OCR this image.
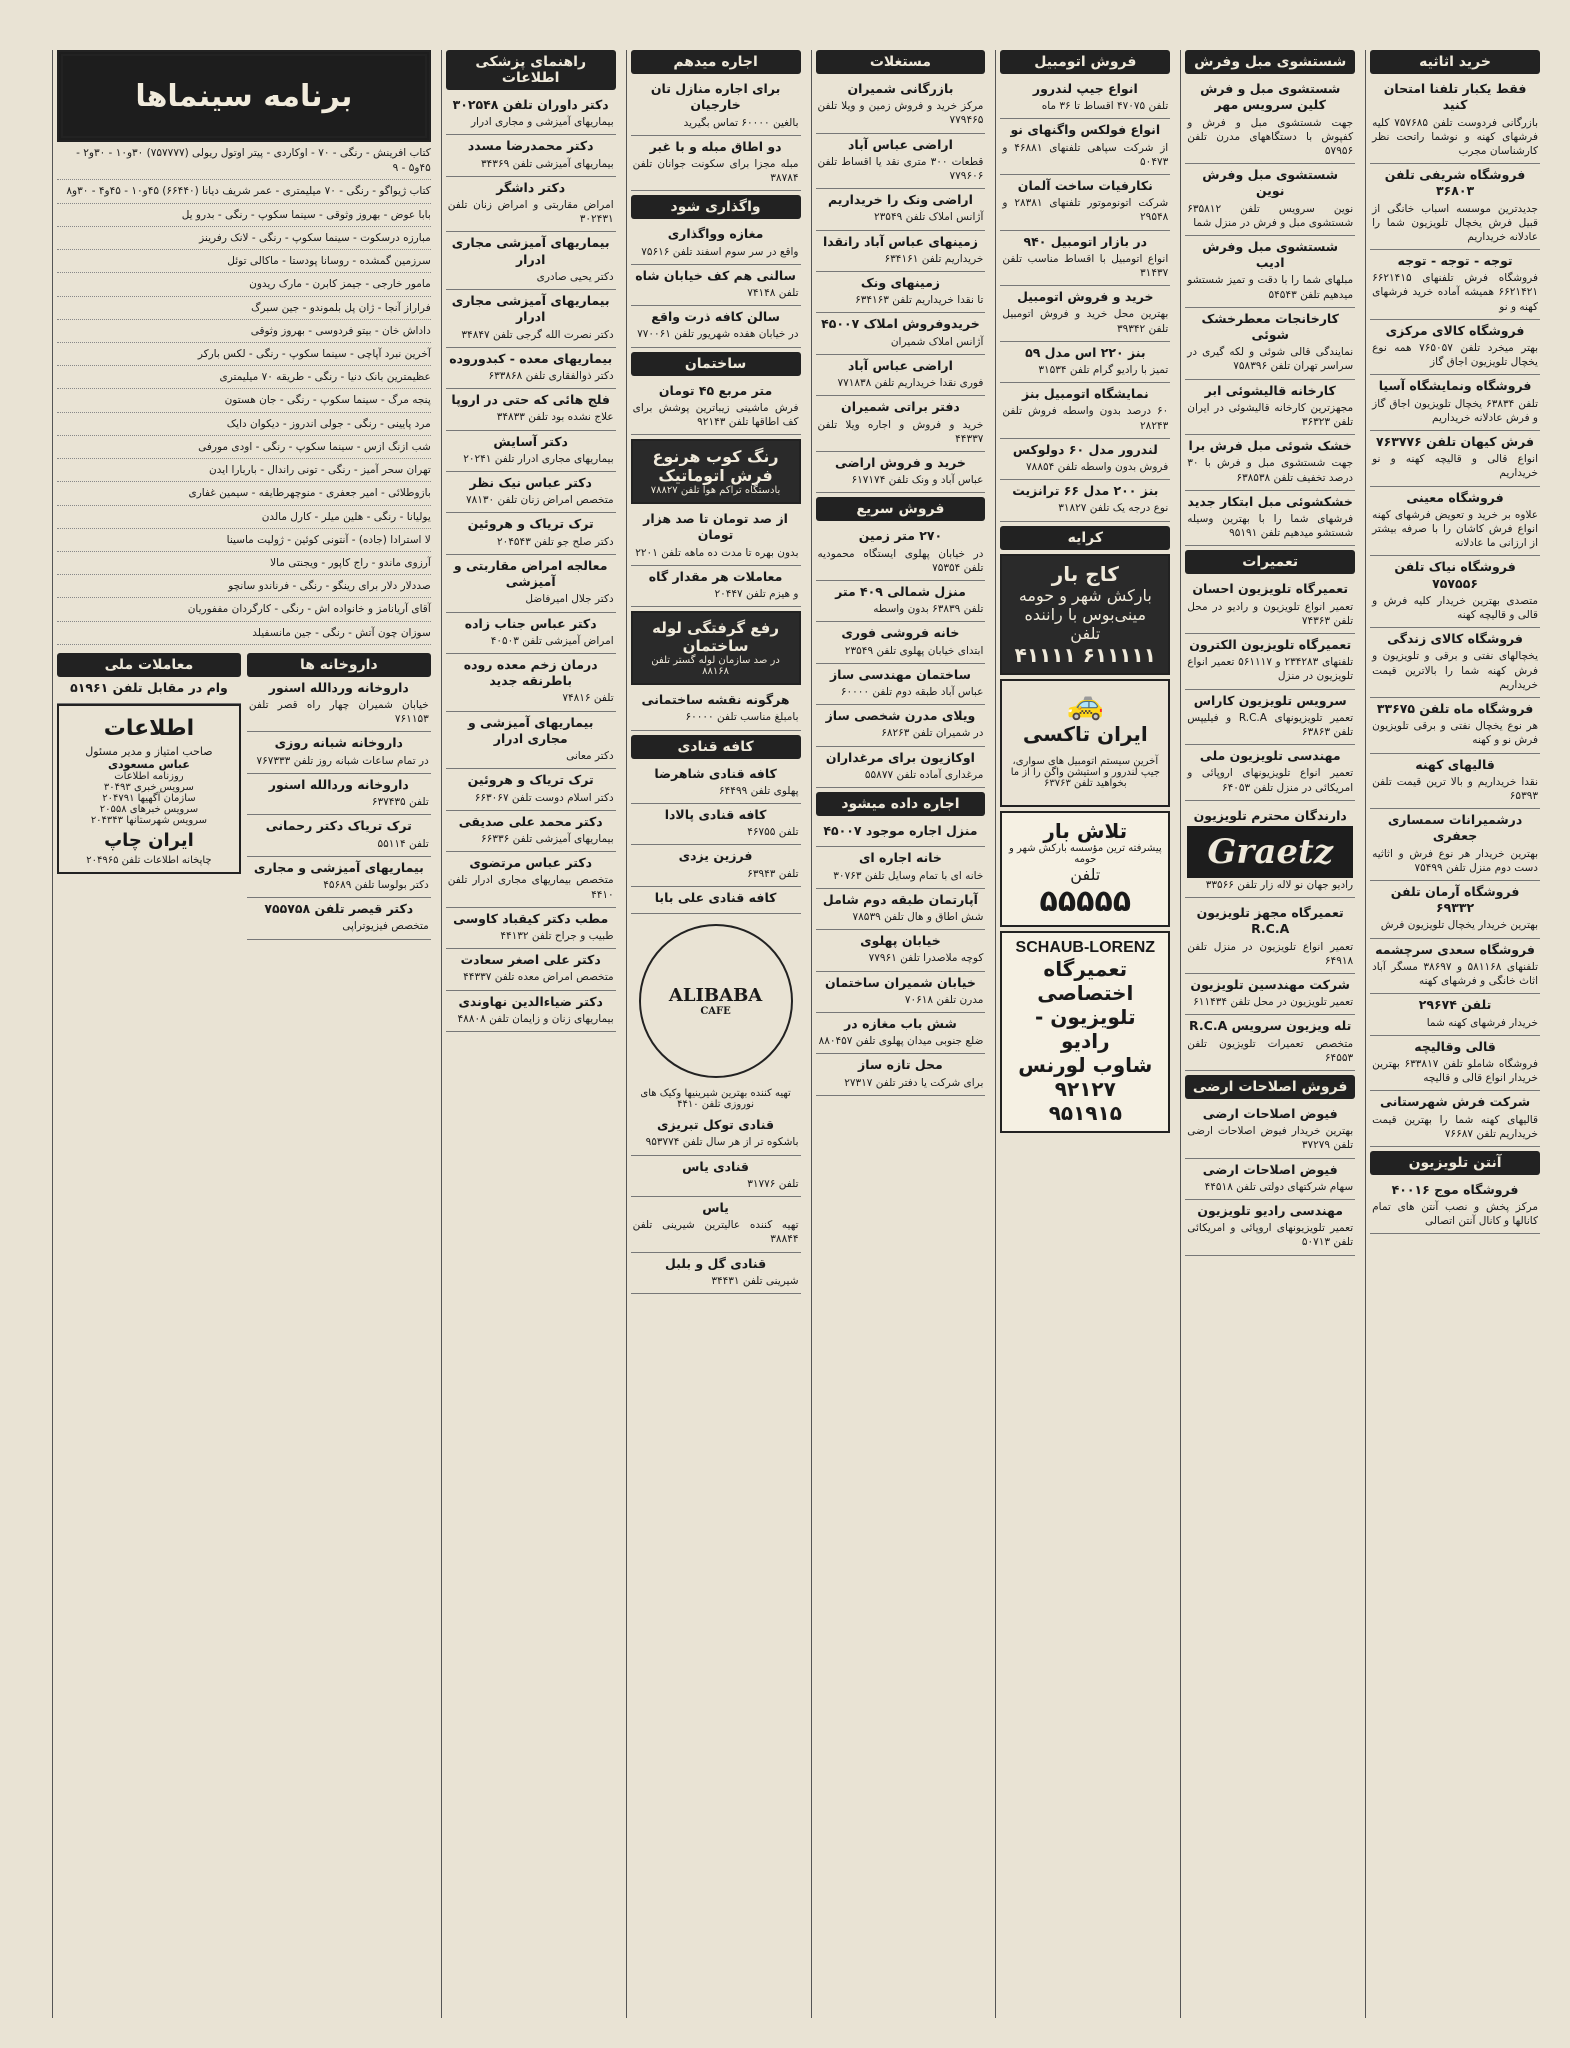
خرید اثاثیه
فقط یکبار تلفنا امتحان کنید

بازرگانی فردوست تلفن ۷۵۷۶۸۵ کلیه فرشهای کهنه و نوشما راتحت نظر کارشناسان مجرب

فروشگاه شریفی تلفن ۳۶۸۰۳

جدیدترین موسسه اسباب خانگی از قبیل فرش یخچال تلویزیون شما را عادلانه خریداریم

توجه - توجه - توجه

فروشگاه فرش تلفنهای ۶۶۲۱۴۱۵ ۶۶۲۱۴۲۱ همیشه آماده خرید فرشهای کهنه و نو

فروشگاه کالای مرکزی

بهتر میخرد تلفن ۷۶۵۰۵۷ همه نوع یخچال تلویزیون اجاق گاز

فروشگاه ونمایشگاه آسیا

تلفن ۶۳۸۳۴ یخچال تلویزیون اجاق گاز و فرش عادلانه خریداریم

فرش کیهان تلفن ۷۶۳۷۷۶

انواع قالی و قالیچه کهنه و نو خریداریم

فروشگاه معینی

علاوه بر خرید و تعویض فرشهای کهنه انواع فرش کاشان را با صرفه بیشتر از ارزانی ما عادلانه

فروشگاه نیاک تلفن ۷۵۷۵۵۶

متصدی بهترین خریدار کلیه فرش و قالی و قالیچه کهنه

فروشگاه کالای زندگی

یخچالهای نفتی و برقی و تلویزیون و فرش کهنه شما را بالاترین قیمت خریداریم

فروشگاه ماه تلفن ۳۳۶۷۵

هر نوع یخچال نفتی و برقی تلویزیون فرش نو و کهنه

قالیهای کهنه

نقدا خریداریم و بالا ترین قیمت تلفن ۶۵۳۹۳

درشمیرانات سمساری جعفری

بهترین خریدار هر نوع فرش و اثاثیه دست دوم منزل تلفن ۷۵۴۹۹

فروشگاه آرمان تلفن ۶۹۳۳۲

بهترین خریدار یخچال تلویزیون فرش

فروشگاه سعدی سرچشمه

تلفنهای ۵۸۱۱۶۸ و ۳۸۶۹۷ مسگر آباد اثاث خانگی و فرشهای کهنه

تلفن ۲۹۶۷۴

خریدار فرشهای کهنه شما

قالی وقالیچه

فروشگاه شاملو تلفن ۶۳۳۸۱۷ بهترین خریدار انواع قالی و قالیچه

شرکت فرش شهرستانی

قالیهای کهنه شما را بهترین قیمت خریداریم تلفن ۷۶۶۸۷

آنتن تلویزیون
فروشگاه موج ۴۰۰۱۶

مرکز پخش و نصب آنتن های تمام کانالها و کانال آنتن اتصالی

شستشوی مبل وفرش
شستشوی مبل و فرش کلین سرویس مهر

جهت شستشوی مبل و فرش و کفپوش با دستگاههای مدرن تلفن ۵۷۹۵۶

شستشوی مبل وفرش نوین

نوین سرویس تلفن ۶۳۵۸۱۲ شستشوی مبل و فرش در منزل شما

شستشوی مبل وفرش ادیب

مبلهای شما را با دقت و تمیز شستشو میدهیم تلفن ۵۴۵۴۳

کارخانجات معطرخشک شوئی

نمایندگی قالی شوئی و لکه گیری در سراسر تهران تلفن ۷۵۸۳۹۶

کارخانه قالیشوئی ابر

مجهزترین کارخانه قالیشوئی در ایران تلفن ۳۶۳۲۳

خشک شوئی مبل فرش برا

جهت شستشوی مبل و فرش با ۳۰ درصد تخفیف تلفن ۶۳۸۵۳۸

خشکشوئی مبل ابتکار جدید

فرشهای شما را با بهترین وسیله شستشو میدهیم تلفن ۹۵۱۹۱

تعمیرات
تعمیرگاه تلویزیون احسان

تعمیر انواع تلویزیون و رادیو در محل تلفن ۷۴۳۶۳

تعمیرگاه تلویزیون الکترون

تلفنهای ۲۳۴۲۸۳ و ۵۶۱۱۱۷ تعمیر انواع تلویزیون در منزل

سرویس تلویزیون کاراس

تعمیر تلویزیونهای R.C.A و فیلیپس تلفن ۶۳۸۶۳

مهندسی تلویزیون ملی

تعمیر انواع تلویزیونهای اروپائی و امریکائی در منزل تلفن ۶۴۰۵۳

دارندگان محترم تلویزیون
Graetz

رادیو جهان نو لاله زار تلفن ۳۳۵۶۶

تعمیرگاه مجهز تلویزیون R.C.A

تعمیر انواع تلویزیون در منزل تلفن ۶۴۹۱۸

شرکت مهندسین تلویزیون

تعمیر تلویزیون در محل تلفن ۶۱۱۴۳۴

تله ویزیون سرویس R.C.A

متخصص تعمیرات تلویزیون تلفن ۶۴۵۵۳

فروش اصلاحات ارضی
فیوض اصلاحات ارضی

بهترین خریدار فیوض اصلاحات ارضی تلفن ۳۷۲۷۹

فیوض اصلاحات ارضی

سهام شرکتهای دولتی تلفن ۴۴۵۱۸

مهندسی رادیو تلویزیون

تعمیر تلویزیونهای اروپائی و امریکائی تلفن ۵۰۷۱۳

فروش اتومبیل
انواع جیپ لندرور

تلفن ۴۷۰۷۵ اقساط تا ۳۶ ماه

انواع فولکس واگنهای نو

از شرکت سپاهی تلفنهای ۴۶۸۸۱ و ۵۰۴۷۳

نکارفیات ساخت آلمان

شرکت اتونوموتور تلفنهای ۲۸۳۸۱ و ۲۹۵۴۸

در بازار اتومبیل ۹۴۰

انواع اتومبیل با اقساط مناسب تلفن ۳۱۴۳۷

خرید و فروش اتومبیل

بهترین محل خرید و فروش اتومبیل تلفن ۳۹۳۴۲

بنز ۲۲۰ اس مدل ۵۹

تمیز با رادیو گرام تلفن ۳۱۵۳۴

نمایشگاه اتومبیل بنز

۶۰ درصد بدون واسطه فروش تلفن ۲۸۲۴۳

لندرور مدل ۶۰ دولوکس

فروش بدون واسطه تلفن ۷۸۸۵۴

بنز ۲۰۰ مدل ۶۶ ترانزیت

نوع درجه یک تلفن ۳۱۸۲۷

کرایه
کاج بار
بارکش شهر و حومه
مینی‌بوس با راننده
تلفن
۶۱۱۱۱۱ ۴۱۱۱۱
🚕
ایران تاکسی

آخرین سیستم اتومبیل های سواری، جیپ لندرور و استیشن واگن را از ما بخواهید تلفن ۶۳۷۶۳

تلاش بار
پیشرفته ترین مؤسسه بارکش شهر و حومه
تلفن
۵۵۵۵۵
SCHAUB-LORENZ
تعمیرگاه اختصاصی
تلویزیون - رادیو
شاوب لورنس
۹۲۱۲۷
۹۵۱۹۱۵
مستغلات
بازرگانی شمیران

مرکز خرید و فروش زمین و ویلا تلفن ۷۷۹۴۶۵

اراضی عباس آباد

قطعات ۳۰۰ متری نقد یا اقساط تلفن ۷۷۹۶۰۶

اراضی ونک را خریداریم

آژانس املاک تلفن ۲۳۵۴۹

زمینهای عباس آباد رانقدا

خریداریم تلفن ۶۳۴۱۶۱

زمینهای ونک

تا نقدا خریداریم تلفن ۶۳۴۱۶۳

خریدوفروش املاک ۴۵۰۰۷

آژانس املاک شمیران

اراضی عباس آباد

فوری نقدا خریداریم تلفن ۷۷۱۸۳۸

دفتر براتی شمیران

خرید و فروش و اجاره ویلا تلفن ۴۴۳۳۷

خرید و فروش اراضی

عباس آباد و ونک تلفن ۶۱۷۱۷۴

فروش سریع
۲۷۰ متر زمین

در خیابان پهلوی ایستگاه محمودیه تلفن ۷۵۳۵۴

منزل شمالی ۴۰۹ متر

تلفن ۶۳۸۳۹ بدون واسطه

خانه فروشی فوری

ابتدای خیابان پهلوی تلفن ۲۳۵۴۹

ساختمان مهندسی ساز

عباس آباد طبقه دوم تلفن ۶۰۰۰۰

ویلای مدرن شخصی ساز

در شمیران تلفن ۶۸۲۶۳

اوکازیون برای مرغداران

مرغداری آماده تلفن ۵۵۸۷۷

اجاره داده میشود
منزل اجاره موجود ۴۵۰۰۷
خانه اجاره ای

خانه ای با تمام وسایل تلفن ۳۰۷۶۳

آپارتمان طبقه دوم شامل

شش اطاق و هال تلفن ۷۸۵۳۹

خیابان پهلوی

کوچه ملاصدرا تلفن ۷۷۹۶۱

خیابان شمیران ساختمان

مدرن تلفن ۷۰۶۱۸

شش باب مغازه در

ضلع جنوبی میدان پهلوی تلفن ۸۸۰۴۵۷

محل تازه ساز

برای شرکت یا دفتر تلفن ۲۷۳۱۷

اجاره میدهم
برای اجاره منازل تان خارجیان

بالغین ۶۰۰۰۰ تماس بگیرید

دو اطاق مبله و با غبر

مبله مجزا برای سکونت جوانان تلفن ۳۸۷۸۴

واگذاری شود
مغازه وواگذاری

واقع در سر سوم اسفند تلفن ۷۵۶۱۶

سالنی هم کف خیابان شاه

تلفن ۷۴۱۴۸

سالن کافه ذرت واقع

در خیابان هفده شهریور تلفن ۷۷۰۰۶۱

ساختمان
متر مربع ۴۵ تومان

فرش ماشینی زیباترین پوشش برای کف اطاقها تلفن ۹۲۱۴۳

رنگ کوب هرنوع فرش اتوماتیک
بادستگاه تراکم هوا تلفن ۷۸۸۲۷
از صد تومان تا صد هزار تومان

بدون بهره تا مدت ده ماهه تلفن ۲۲۰۱

معاملات هر مقدار گاه

و هیزم تلفن ۲۰۴۴۷

رفع گرفتگی لوله ساختمان
در صد سازمان لوله گستر تلفن ۸۸۱۶۸
هرگونه نقشه ساختمانی

بامبلغ مناسب تلفن ۶۰۰۰۰

کافه قنادی
کافه قنادی شاهرضا

پهلوی تلفن ۶۴۴۹۹

کافه قنادی پالادا

تلفن ۴۶۷۵۵

فرزین یزدی

تلفن ۶۳۹۴۳

کافه قنادی علی بابا
ALIBABA
CAFE

تهیه کننده بهترین شیرینیها وکیک های نوروزی تلفن ۴۴۱۰

قنادی توکل تبریزی

باشکوه تر از هر سال تلفن ۹۵۳۷۷۴

قنادی یاس

تلفن ۳۱۷۷۶

یاس

تهیه کننده عالیترین شیرینی تلفن ۳۸۸۴۴

قنادی گل و بلبل

شیرینی تلفن ۳۴۴۳۱

راهنمای پزشکی اطلاعات
دکتر داوران تلفن ۳۰۲۵۴۸

بیماریهای آمیزشی و مجاری ادرار

دکتر محمدرضا مسدد

بیماریهای آمیزشی تلفن ۳۴۳۶۹

دکتر داشگر

امراض مقاربتی و امراض زنان تلفن ۳۰۲۴۳۱

بیماریهای آمیزشی مجاری ادرار

دکتر یحیی صادری

بیماریهای آمیزشی مجاری ادرار

دکتر نصرت الله گرجی تلفن ۳۴۸۴۷

بیماریهای معده - کبدوروده

دکتر ذوالفقاری تلفن ۶۳۳۸۶۸

فلج هائی که حتی در اروپا

علاج نشده بود تلفن ۳۴۸۳۳

دکتر آسایش

بیماریهای مجاری ادرار تلفن ۲۰۲۴۱

دکتر عباس نیک نظر

متخصص امراض زنان تلفن ۷۸۱۳۰

ترک تریاک و هروئین

دکتر صلح جو تلفن ۲۰۴۵۴۳

معالجه امراض مقاربتی و آمیزشی

دکتر جلال امیرفاضل

دکتر عباس جناب زاده

امراض آمیزشی تلفن ۴۰۵۰۳

درمان زخم معده روده باطرنقه جدید

تلفن ۷۴۸۱۶

بیماریهای آمیزشی و مجاری ادرار

دکتر معانی

ترک تریاک و هروئین

دکتر اسلام دوست تلفن ۶۶۳۰۶۷

دکتر محمد علی صدیقی

بیماریهای آمیزشی تلفن ۶۶۳۳۶

دکتر عباس مرتضوی

متخصص بیماریهای مجاری ادرار تلفن ۴۴۱۰

مطب دکتر کیقباد کاوسی

طبیب و جراح تلفن ۴۴۱۳۲

دکتر علی اصغر سعادت

متخصص امراض معده تلفن ۴۴۳۳۷

دکتر ضیاءالدین نهاوندی

بیماریهای زنان و زایمان تلفن ۴۸۸۰۸

برنامه سینماها

کتاب افرینش - رنگی - ۷۰ - اوکاردی - پیتر اوتول ریولی (۷۵۷۷۷۷) ۳۰و۱۰ - ۳۰و۲ - ۴۵و۵ - ۹

کتاب ژیواگو - رنگی - ۷۰ میلیمتری - عمر شریف دیانا (۶۶۴۴۰) ۴۵و۱۰ - ۴۵و۴ - ۳۰و۸

بابا عوض - بهروز وثوقی - سینما سکوپ - رنگی - بدرو یل

مبارزه درسکوت - سینما سکوپ - رنگی - لانک رفرینز

سرزمین گمشده - روسانا پودستا - ماکالی توئل

مامور خارجی - جیمز کابرن - مارک ریدون

فراراز آنجا - ژان پل بلموندو - جین سبرگ

داداش خان - بیتو فردوسی - بهروز وثوقی

آخرین نبرد آپاچی - سینما سکوپ - رنگی - لکس بارکر

عظیمترین بانک دنیا - رنگی - طریقه ۷۰ میلیمتری

پنجه مرگ - سینما سکوپ - رنگی - جان هستون

مرد پایینی - رنگی - جولی اندروز - دیکوان دایک

شب ازنگ ازس - سینما سکوپ - رنگی - اودی مورفی

تهران سحر آمیز - رنگی - تونی راندال - باربارا ایدن

بازوطلائی - امیر جعفری - منوچهرطایفه - سیمین غفاری

یولیانا - رنگی - هلین میلر - کارل مالدن

لا استرادا (جاده) - آنتونی کوئین - ژولیت ماسینا

آرزوی ماندو - راج کاپور - ویجنتی مالا

صددلار دلار برای رینگو - رنگی - فرناندو سانچو

آقای آریانامز و خانواده اش - رنگی - کارگردان مففوریان

سوزان چون آتش - رنگی - جین مانسفیلد

داروخانه ها
داروخانه وردالله اسنور

خیابان شمیران چهار راه قصر تلفن ۷۶۱۱۵۳

داروخانه شبانه روزی

در تمام ساعات شبانه روز تلفن ۷۶۷۳۳۳

داروخانه وردالله اسنور

تلفن ۶۳۷۴۳۵

ترک تریاک دکتر رحمانی

تلفن ۵۵۱۱۴

بیماریهای آمیزشی و مجاری

دکتر بولوسا تلفن ۴۵۶۸۹

دکتر قیصر تلفن ۷۵۵۷۵۸

متخصص فیزیوتراپی

معاملات ملی
وام در مقابل تلفن ۵۱۹۶۱
اطلاعات
صاحب امتیاز و مدیر مسئول
عباس مسعودی
روزنامه اطلاعات
سرویس خبری ۳۰۴۹۳
سازمان آگهیها ۲۰۴۷۹۱
سرویس خبرهای ۲۰۵۵۸
سرویس شهرستانها ۲۰۴۳۴۳
ایران چاپ
چاپخانه اطلاعات تلفن ۲۰۴۹۶۵
